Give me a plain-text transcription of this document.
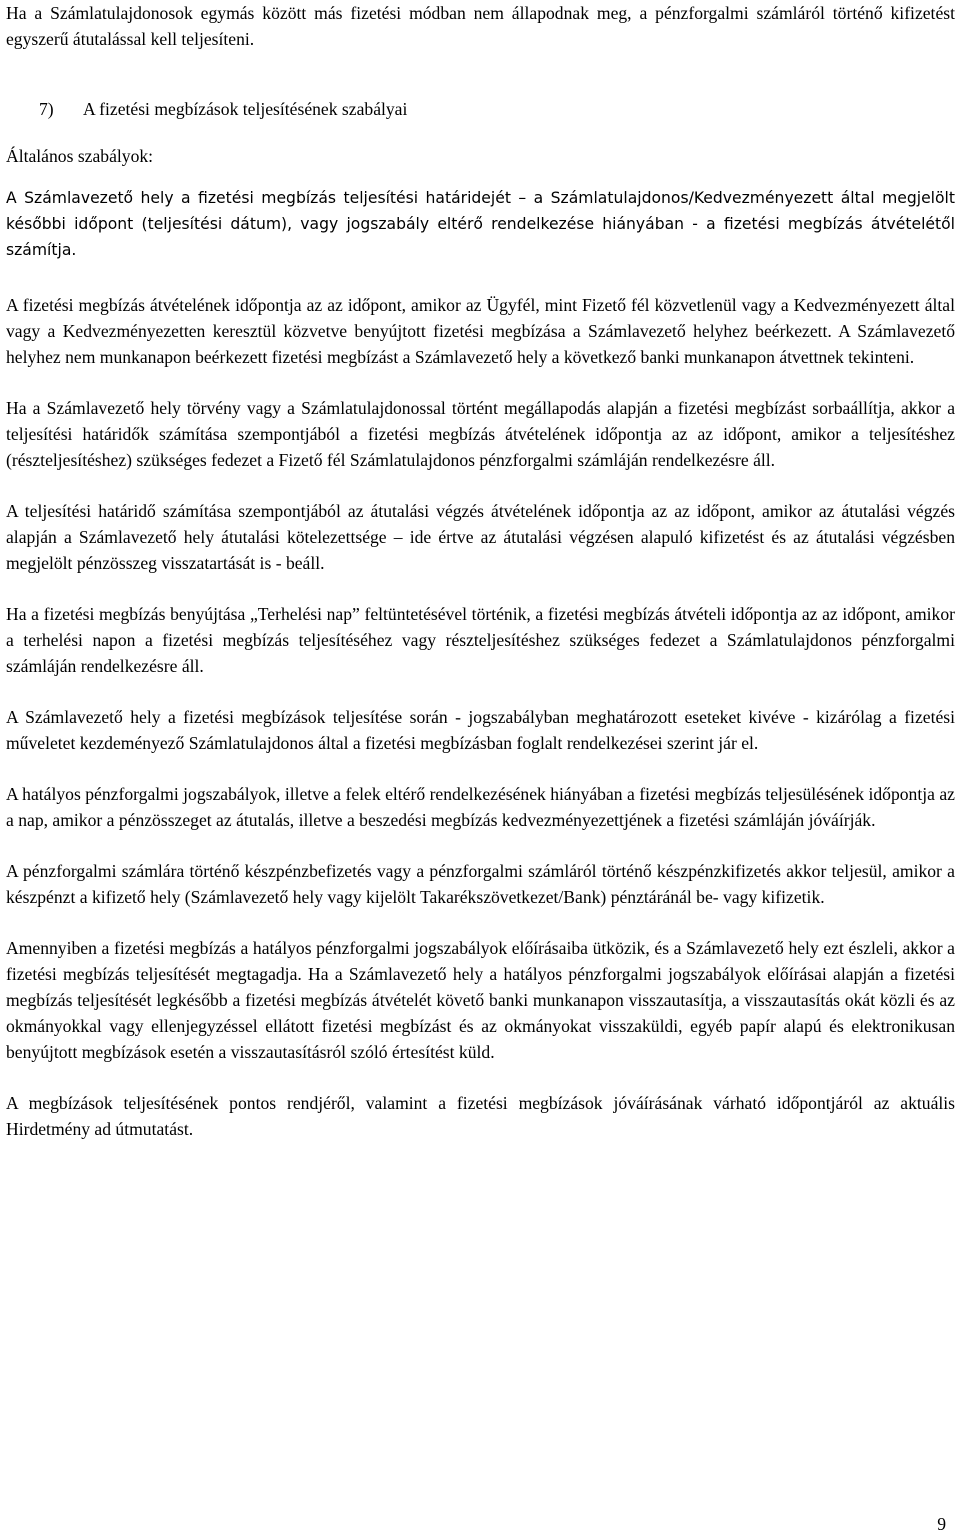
Ha a Számlatulajdonosok egymás között más fizetési módban nem állapodnak meg, a pénzforgalmi számláról történő kifizetést egyszerű átutalással kell teljesíteni.

7) A fizetési megbízások teljesítésének szabályai
Általános szabályok:

A Számlavezető hely a fizetési megbízás teljesítési határidejét – a Számlatulajdonos/Kedvezményezett által megjelölt későbbi időpont (teljesítési dátum), vagy jogszabály eltérő rendelkezése hiányában - a fizetési megbízás átvételétől számítja.

A fizetési megbízás átvételének időpontja az az időpont, amikor az Ügyfél, mint Fizető fél közvetlenül vagy a Kedvezményezett által vagy a Kedvezményezetten keresztül közvetve benyújtott fizetési megbízása a Számlavezető helyhez beérkezett. A Számlavezető helyhez nem munkanapon beérkezett fizetési megbízást a Számlavezető hely a következő banki munkanapon átvettnek tekinteni.

Ha a Számlavezető hely törvény vagy a Számlatulajdonossal történt megállapodás alapján a fizetési megbízást sorbaállítja, akkor a teljesítési határidők számítása szempontjából a fizetési megbízás átvételének időpontja az az időpont, amikor a teljesítéshez (részteljesítéshez) szükséges fedezet a Fizető fél Számlatulajdonos pénzforgalmi számláján rendelkezésre áll.

A teljesítési határidő számítása szempontjából az átutalási végzés átvételének időpontja az az időpont, amikor az átutalási végzés alapján a Számlavezető hely átutalási kötelezettsége – ide értve az átutalási végzésen alapuló kifizetést és az átutalási végzésben megjelölt pénzösszeg visszatartását is - beáll.

Ha a fizetési megbízás benyújtása „Terhelési nap” feltüntetésével történik, a fizetési megbízás átvételi időpontja az az időpont, amikor a terhelési napon a fizetési megbízás teljesítéséhez vagy részteljesítéshez szükséges fedezet a Számlatulajdonos pénzforgalmi számláján rendelkezésre áll.

A Számlavezető hely a fizetési megbízások teljesítése során - jogszabályban meghatározott eseteket kivéve - kizárólag a fizetési műveletet kezdeményező Számlatulajdonos által a fizetési megbízásban foglalt rendelkezései szerint jár el.

A hatályos pénzforgalmi jogszabályok, illetve a felek eltérő rendelkezésének hiányában a fizetési megbízás teljesülésének időpontja az a nap, amikor a pénzösszeget az átutalás, illetve a beszedési megbízás kedvezményezettjének a fizetési számláján jóváírják.

A pénzforgalmi számlára történő készpénzbefizetés vagy a pénzforgalmi számláról történő készpénzkifizetés akkor teljesül, amikor a készpénzt a kifizető hely (Számlavezető hely vagy kijelölt Takarékszövetkezet/Bank) pénztáránál be- vagy kifizetik.

Amennyiben a fizetési megbízás a hatályos pénzforgalmi jogszabályok előírásaiba ütközik, és a Számlavezető hely ezt észleli, akkor a fizetési megbízás teljesítését megtagadja. Ha a Számlavezető hely a hatályos pénzforgalmi jogszabályok előírásai alapján a fizetési megbízás teljesítését legkésőbb a fizetési megbízás átvételét követő banki munkanapon visszautasítja, a visszautasítás okát közli és az okmányokkal vagy ellenjegyzéssel ellátott fizetési megbízást és az okmányokat visszaküldi, egyéb papír alapú és elektronikusan benyújtott megbízások esetén a visszautasításról szóló értesítést küld.

A megbízások teljesítésének pontos rendjéről, valamint a fizetési megbízások jóváírásának várható időpontjáról az aktuális Hirdetmény ad útmutatást.

9
